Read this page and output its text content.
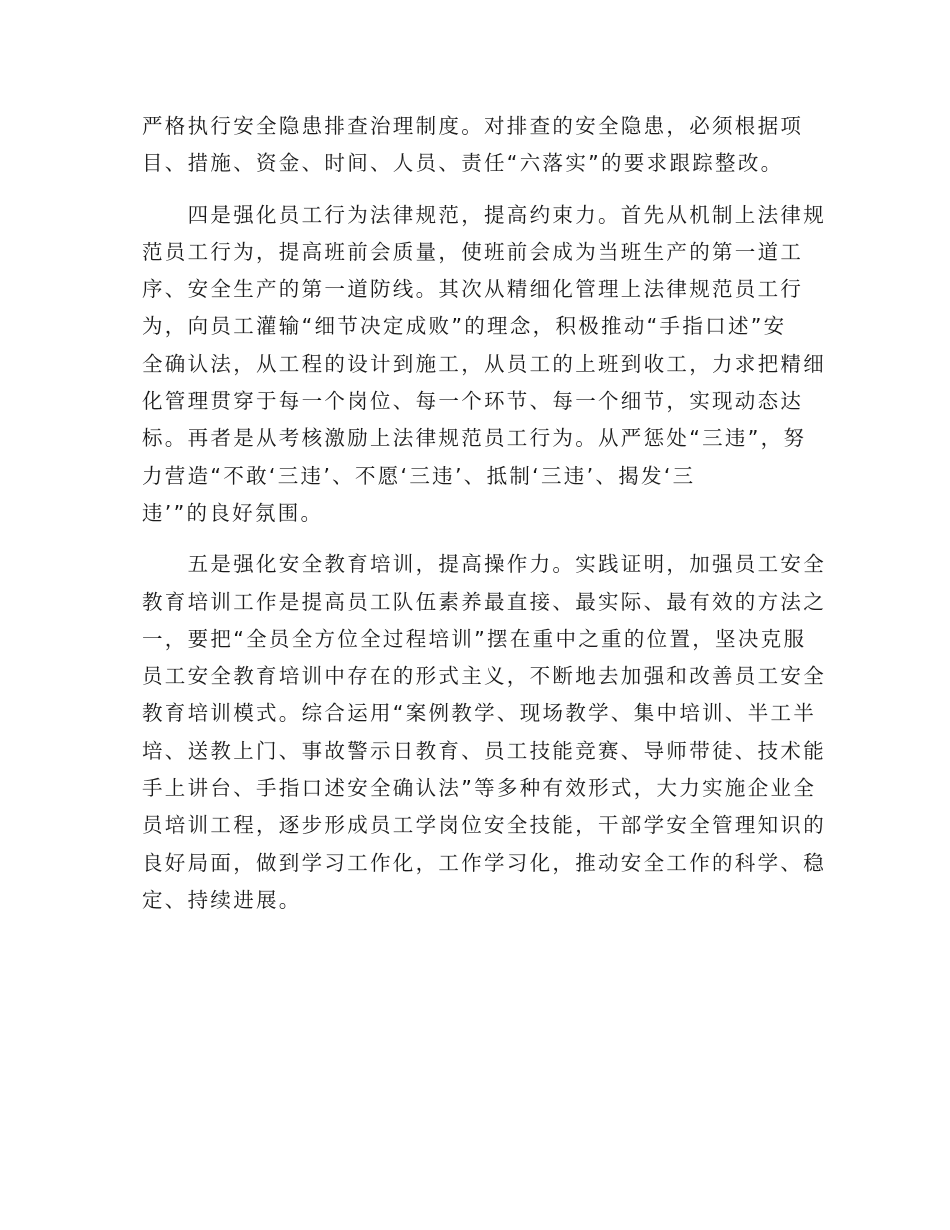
严格执行安全隐患排查治理制度。对排查的安全隐患，必须根据项
目、措施、资金、时间、人员、责任“六落实”的要求跟踪整改。
　　四是强化员工行为法律规范，提高约束力。首先从机制上法律规
范员工行为，提高班前会质量，使班前会成为当班生产的第一道工
序、安全生产的第一道防线。其次从精细化管理上法律规范员工行
为，向员工灌输“细节决定成败”的理念，积极推动“手指口述”安
全确认法，从工程的设计到施工，从员工的上班到收工，力求把精细
化管理贯穿于每一个岗位、每一个环节、每一个细节，实现动态达
标。再者是从考核激励上法律规范员工行为。从严惩处“三违”，努
力营造“不敢‘三违’、不愿‘三违’、抵制‘三违’、揭发‘三
违’”的良好氛围。
　　五是强化安全教育培训，提高操作力。实践证明，加强员工安全
教育培训工作是提高员工队伍素养最直接、最实际、最有效的方法之
一，要把“全员全方位全过程培训”摆在重中之重的位置，坚决克服
员工安全教育培训中存在的形式主义，不断地去加强和改善员工安全
教育培训模式。综合运用“案例教学、现场教学、集中培训、半工半
培、送教上门、事故警示日教育、员工技能竞赛、导师带徒、技术能
手上讲台、手指口述安全确认法”等多种有效形式，大力实施企业全
员培训工程，逐步形成员工学岗位安全技能，干部学安全管理知识的
良好局面，做到学习工作化，工作学习化，推动安全工作的科学、稳
定、持续进展。
